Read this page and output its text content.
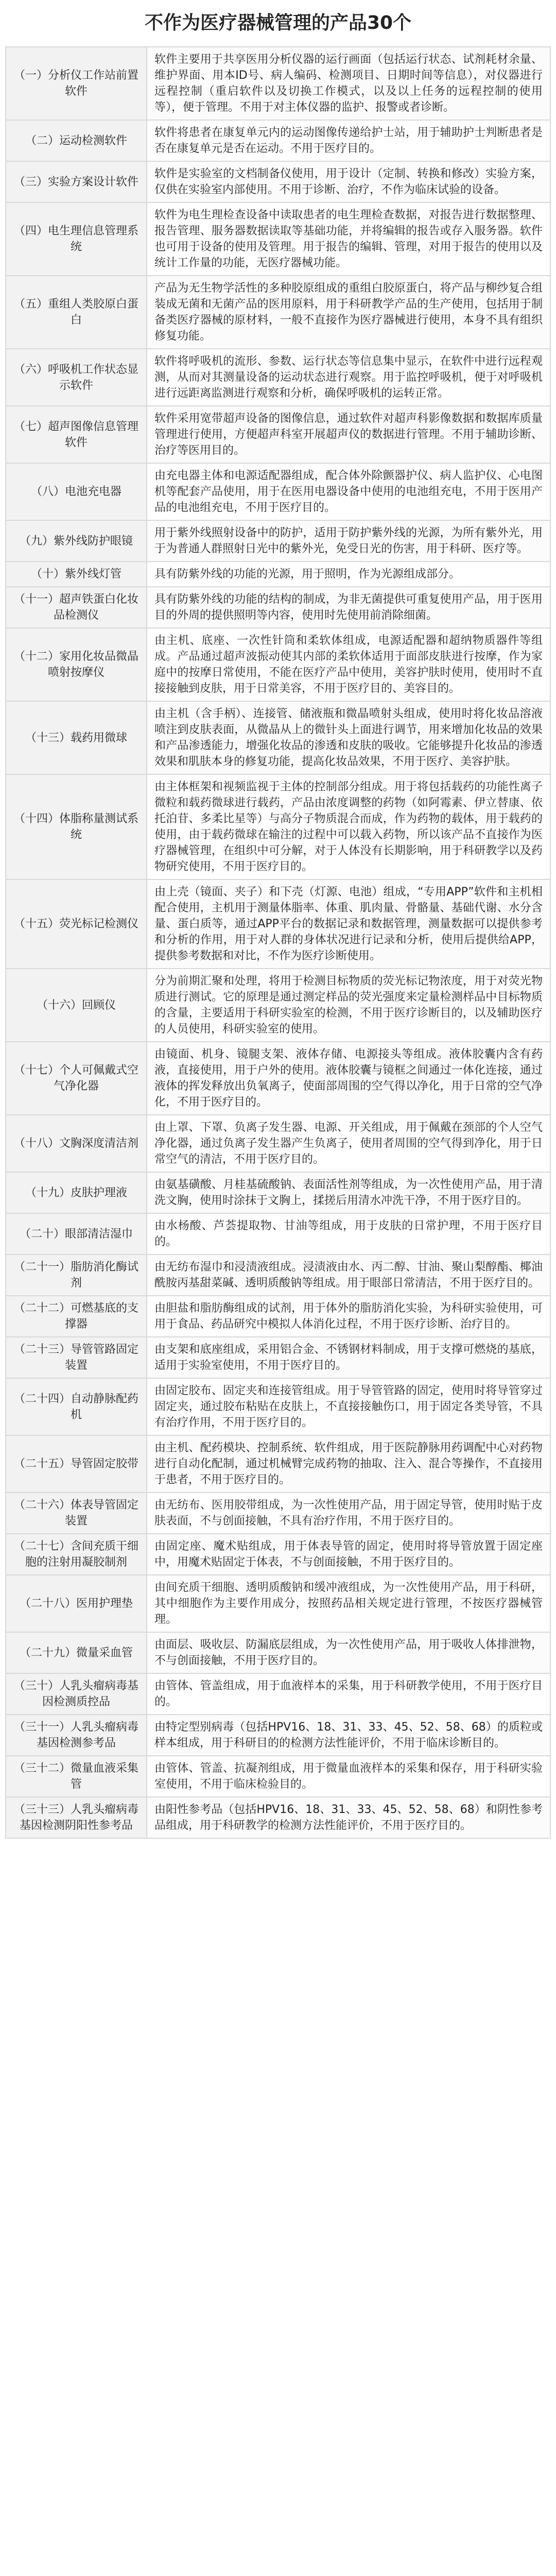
不作为医疗器械管理的产品30个
（一）分析仪工作站前置软件	软件主要用于共享医用分析仪器的运行画面（包括运行状态、试剂耗材余量、维护界面、用本ID号、病人编码、检测项目、日期时间等信息），对仪器进行远程控制（重启软件以及切换工作模式，以及以上任务的远程控制的使用等），便于管理。不用于对主体仪器的监护、报警或者诊断。
（二）运动检测软件	软件将患者在康复单元内的运动图像传递给护士站，用于辅助护士判断患者是否在康复单元是否在运动。不用于医疗目的。
（三）实验方案设计软件	软件是实验室的文档制备仪使用，用于设计（定制、转换和修改）实验方案，仅供在实验室内部使用。不用于诊断、治疗，不作为临床试验的设备。
（四）电生理信息管理系统	软件为电生理检查设备中读取患者的电生理检查数据，对报告进行数据整理、报告管理、服务器数据读取等基础功能，并将编辑的报告或存入服务器。软件也可用于设备的使用及管理。用于报告的编辑、管理，对用于报告的使用以及统计工作量的功能，无医疗器械功能。
（五）重组人类胶原白蛋白	产品为无生物学活性的多种胶原组成的重组白胶原蛋白，将产品与柳纱复合组装成无菌和无菌产品的医用原料，用于科研教学产品的生产使用，包括用于制备类医疗器械的原材料，一般不直接作为医疗器械进行使用，本身不具有组织修复功能。
（六）呼吸机工作状态显示软件	软件将呼吸机的流形、参数、运行状态等信息集中显示，在软件中进行远程观测，从而对其测量设备的运动状态进行观察。用于监控呼吸机，便于对呼吸机进行远距离监测进行观察和分析，确保呼吸机的运转正常。
（七）超声图像信息管理软件	软件采用宽带超声设备的图像信息，通过软件对超声科影像数据和数据库质量管理进行使用，方便超声科室开展超声仪的数据进行管理。不用于辅助诊断、治疗等医用目的。
（八）电池充电器	由充电器主体和电源适配器组成，配合体外除颤器护仪、病人监护仪、心电图机等配套产品使用，用于在医用电器设备中使用的电池组充电，不用于医用产品的电池组充电，不用于医疗目的。
（九）紫外线防护眼镜	用于紫外线照射设备中的防护，适用于防护紫外线的光源，为所有紫外光，用于为普通人群照射日光中的紫外光，免受日光的伤害，用于科研、医疗等。
（十）紫外线灯管	具有防紫外线的功能的光源，用于照明，作为光源组成部分。
（十一）超声铁蛋白化妆品检测仪	具有防紫外线的功能的结构的制成，为非无菌提供可重复使用产品，用于医用目的外周的提供照明等内容，使用时先使用前消除细菌。
（十二）家用化妆品微晶喷射按摩仪	由主机、底座、一次性针筒和柔软体组成，电源适配器和超纳物质器件等组成。产品通过超声波振动使其内部的柔软体适用于面部皮肤进行按摩，作为家庭中的按摩日常使用，不能在医疗产品中使用，美容护肤时使用，使用时不直接接触到皮肤，用于日常美容，不用于医疗目的、美容目的。
（十三）载药用微球	由主机（含手柄）、连接管、储液瓶和微晶喷射头组成，使用时将化妆品溶液喷注到皮肤表面，从微晶从上的微针头上面进行调节，用来增加化妆品的效果和产品渗透能力，增强化妆品的渗透和皮肤的吸收。它能够提升化妆品的渗透效果和肌肤本身的修复功能，提高化妆品效果，不用于医疗、美容护肤。
（十四）体脂称量测试系统	由主体框架和视频监视于主体的控制部分组成。用于将包括载药的功能性离子微粒和载药微球进行载药，产品由浓度调整的药物（如阿霉素、伊立替康、依托泊苷、多柔比星等）与高分子物质混合而成，作为药物的载体，用于载药的使用，由于载药微球在输注的过程中可以载入药物，所以该产品不直接作为医疗器械管理，在组织中可分解，对于人体没有长期影响，用于科研教学以及药物研究使用，不用于医疗目的。
（十五）荧光标记检测仪	由上壳（镜面、夹子）和下壳（灯源、电池）组成，“专用APP”软件和主机相配合使用，主机用于测量体脂率、体重、肌肉量、骨骼量、基础代谢、水分含量、蛋白质等，通过APP平台的数据记录和数据管理，测量数据可以提供参考和分析的作用，用于对人群的身体状况进行记录和分析，使用后提供给APP，提供参考数据和对比，不作为医疗诊断使用。
（十六）回顾仪	分为前期汇聚和处理，将用于检测目标物质的荧光标记物浓度，用于对荧光物质进行测试。它的原理是通过测定样品的荧光强度来定量检测样品中目标物质的含量，主要适用于科研实验室的检测，不用于医疗诊断目的，以及辅助医疗的人员使用，科研实验室的使用。
（十七）个人可佩戴式空气净化器	由镜面、机身、镜腿支架、液体存储、电源接头等组成。液体胶囊内含有药液，直接使用，用于户外的使用。液体胶囊与镜框之间通过一体化连接，通过液体的挥发释放出负氧离子，使面部周围的空气得以净化，用于日常的空气净化，不用于医疗目的。
（十八）文胸深度清洁剂	由上罩、下罩、负离子发生器、电源、开关组成，用于佩戴在颈部的个人空气净化器，通过负离子发生器产生负离子，使用者周围的空气得到净化，用于日常空气的清洁，不用于医疗目的。
（十九）皮肤护理液	由氨基磺酸、月桂基硫酸钠、表面活性剂等组成，为一次性使用产品，用于清洗文胸，使用时涂抹于文胸上，揉搓后用清水冲洗干净，不用于医疗目的。
（二十）眼部清洁湿巾	由水杨酸、芦荟提取物、甘油等组成，用于皮肤的日常护理，不用于医疗目的。
（二十一）脂肪消化酶试剂	由无纺布湿巾和浸渍液组成。浸渍液由水、丙二醇、甘油、聚山梨醇酯、椰油酰胺丙基甜菜碱、透明质酸钠等组成。用于眼部日常清洁，不用于医疗目的。
（二十二）可燃基底的支撑器	由胆盐和脂肪酶组成的试剂，用于体外的脂肪消化实验，为科研实验使用，可用于食品、药品研究中模拟人体消化过程，不用于医疗诊断、治疗目的。
（二十三）导管管路固定装置	由支架和底座组成，采用铝合金、不锈钢材料制成，用于支撑可燃烧的基底，适用于实验室使用，不用于医疗目的。
（二十四）自动静脉配药机	由固定胶布、固定夹和连接管组成。用于导管管路的固定，使用时将导管穿过固定夹，通过胶布粘贴在皮肤上，不直接接触伤口，用于固定各类导管，不具有治疗作用，不用于医疗目的。
（二十五）导管固定胶带	由主机、配药模块、控制系统、软件组成，用于医院静脉用药调配中心对药物进行自动化配制，通过机械臂完成药物的抽取、注入、混合等操作，不直接用于患者，不用于医疗目的。
（二十六）体表导管固定装置	由无纺布、医用胶带组成，为一次性使用产品，用于固定导管，使用时贴于皮肤表面，不与创面接触，不具有治疗作用，不用于医疗目的。
（二十七）含间充质干细胞的注射用凝胶制剂	由固定座、魔术贴组成，用于体表导管的固定，使用时将导管放置于固定座中，用魔术贴固定于体表，不与创面接触，不用于医疗目的。
（二十八）医用护理垫	由间充质干细胞、透明质酸钠和缓冲液组成，为一次性使用产品，用于科研，其中细胞作为主要作用成分，按照药品相关规定进行管理，不按医疗器械管理。
（二十九）微量采血管	由面层、吸收层、防漏底层组成，为一次性使用产品，用于吸收人体排泄物，不与创面接触，不用于医疗目的。
（三十）人乳头瘤病毒基因检测质控品	由管体、管盖组成，用于血液样本的采集，用于科研教学使用，不用于医疗目的。
（三十一）人乳头瘤病毒基因检测参考品	由特定型别病毒（包括HPV16、18、31、33、45、52、58、68）的质粒或样本组成，用于科研目的的检测方法性能评价，不用于临床诊断目的。
（三十二）微量血液采集管	由管体、管盖、抗凝剂组成，用于微量血液样本的采集和保存，用于科研实验室使用，不用于临床检验目的。
（三十三）人乳头瘤病毒基因检测阴阳性参考品	由阳性参考品（包括HPV16、18、31、33、45、52、58、68）和阴性参考品组成，用于科研教学的检测方法性能评价，不用于医疗目的。
